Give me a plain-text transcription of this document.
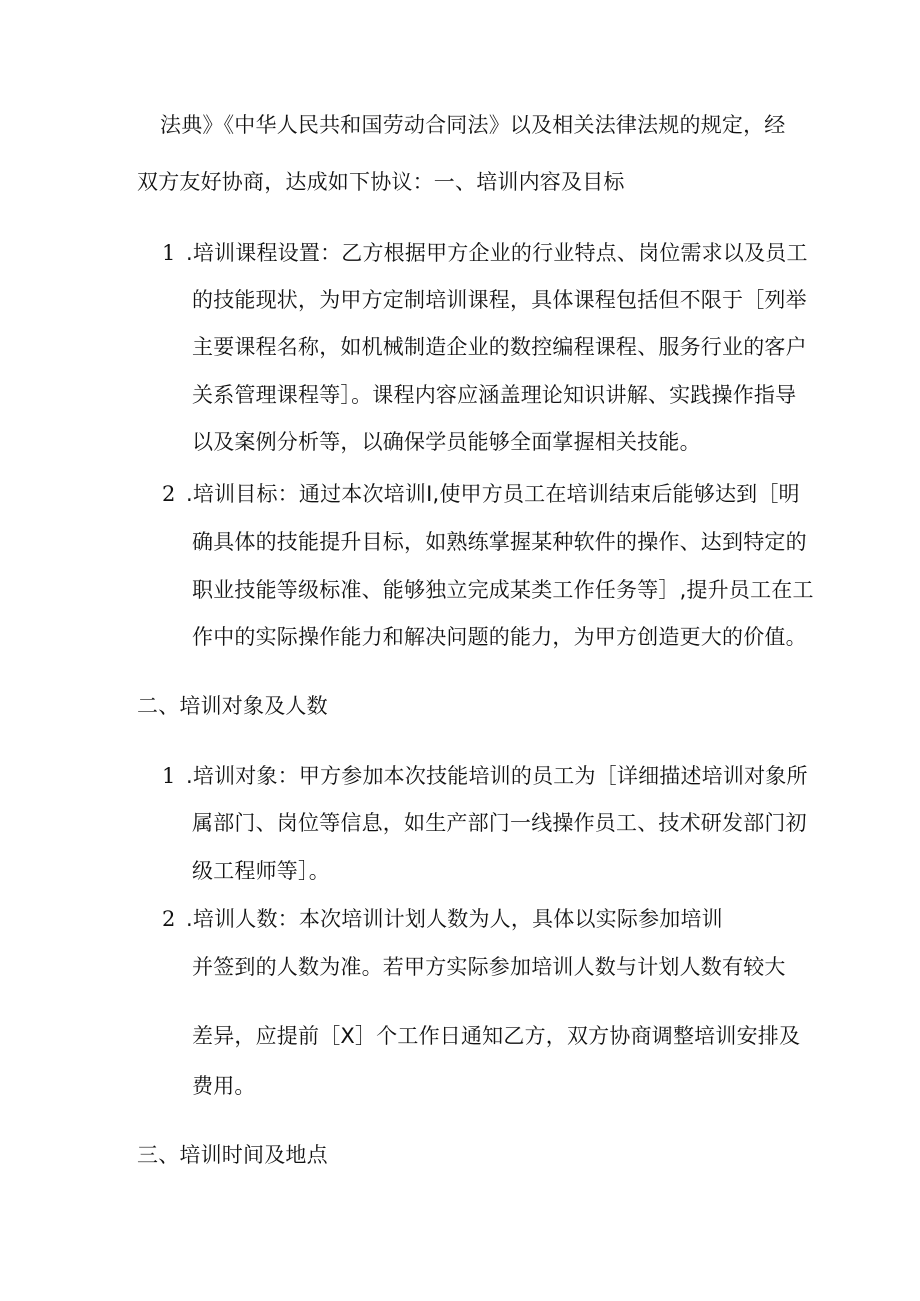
法典》《中华人民共和国劳动合同法》以及相关法律法规的规定，经
双方友好协商，达成如下协议：一、培训内容及目标
1 .培训课程设置：乙方根据甲方企业的行业特点、岗位需求以及员工
的技能现状，为甲方定制培训课程，具体课程包括但不限于［列举
主要课程名称，如机械制造企业的数控编程课程、服务行业的客户
关系管理课程等］。课程内容应涵盖理论知识讲解、实践操作指导
以及案例分析等，以确保学员能够全面掌握相关技能。
2 .培训目标：通过本次培训I,使甲方员工在培训结束后能够达到［明
确具体的技能提升目标，如熟练掌握某种软件的操作、达到特定的
职业技能等级标准、能够独立完成某类工作任务等］,提升员工在工
作中的实际操作能力和解决问题的能力，为甲方创造更大的价值。
二、培训对象及人数
1 .培训对象：甲方参加本次技能培训的员工为［详细描述培训对象所
属部门、岗位等信息，如生产部门一线操作员工、技术研发部门初
级工程师等］。
2 .培训人数：本次培训计划人数为人，具体以实际参加培训
并签到的人数为准。若甲方实际参加培训人数与计划人数有较大
差异，应提前［X］个工作日通知乙方，双方协商调整培训安排及
费用。
三、培训时间及地点
